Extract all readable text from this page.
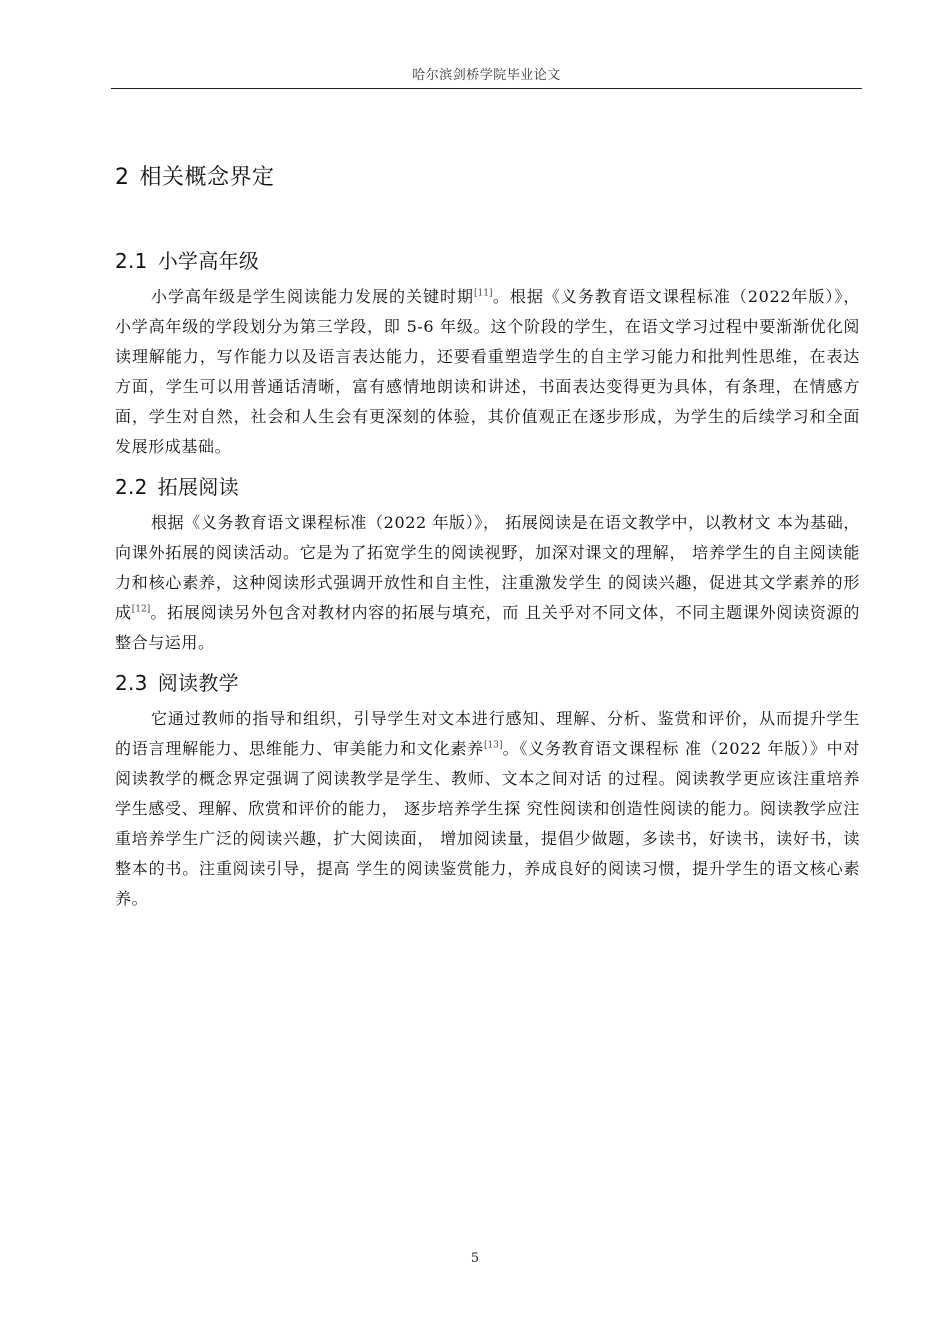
哈尔滨剑桥学院毕业论文
2 相关概念界定
2.1 小学高年级

小学高年级是学生阅读能力发展的关键时期[11]。根据《义务教育语文课程标准（2022年版）》，小学高年级的学段划分为第三学段，即 5-6 年级。这个阶段的学生，在语文学习过程中要渐渐优化阅读理解能力，写作能力以及语言表达能力，还要看重塑造学生的自主学习能力和批判性思维，在表达方面，学生可以用普通话清晰，富有感情地朗读和讲述，书面表达变得更为具体，有条理，在情感方面，学生对自然，社会和人生会有更深刻的体验，其价值观正在逐步形成，为学生的后续学习和全面发展形成基础。

2.2 拓展阅读

根据《义务教育语文课程标准（2022 年版）》， 拓展阅读是在语文教学中，以教材文 本为基础，向课外拓展的阅读活动。它是为了拓宽学生的阅读视野，加深对课文的理解， 培养学生的自主阅读能力和核心素养，这种阅读形式强调开放性和自主性，注重激发学生 的阅读兴趣，促进其文学素养的形成[12]。拓展阅读另外包含对教材内容的拓展与填充，而 且关乎对不同文体，不同主题课外阅读资源的整合与运用。

2.3 阅读教学

它通过教师的指导和组织，引导学生对文本进行感知、理解、分析、鉴赏和评价，从而提升学生的语言理解能力、思维能力、审美能力和文化素养[13]。《义务教育语文课程标 准（2022 年版）》中对阅读教学的概念界定强调了阅读教学是学生、教师、文本之间对话 的过程。阅读教学更应该注重培养学生感受、理解、欣赏和评价的能力， 逐步培养学生探 究性阅读和创造性阅读的能力。阅读教学应注重培养学生广泛的阅读兴趣，扩大阅读面， 增加阅读量，提倡少做题，多读书，好读书，读好书，读整本的书。注重阅读引导，提高 学生的阅读鉴赏能力，养成良好的阅读习惯，提升学生的语文核心素养。

5
